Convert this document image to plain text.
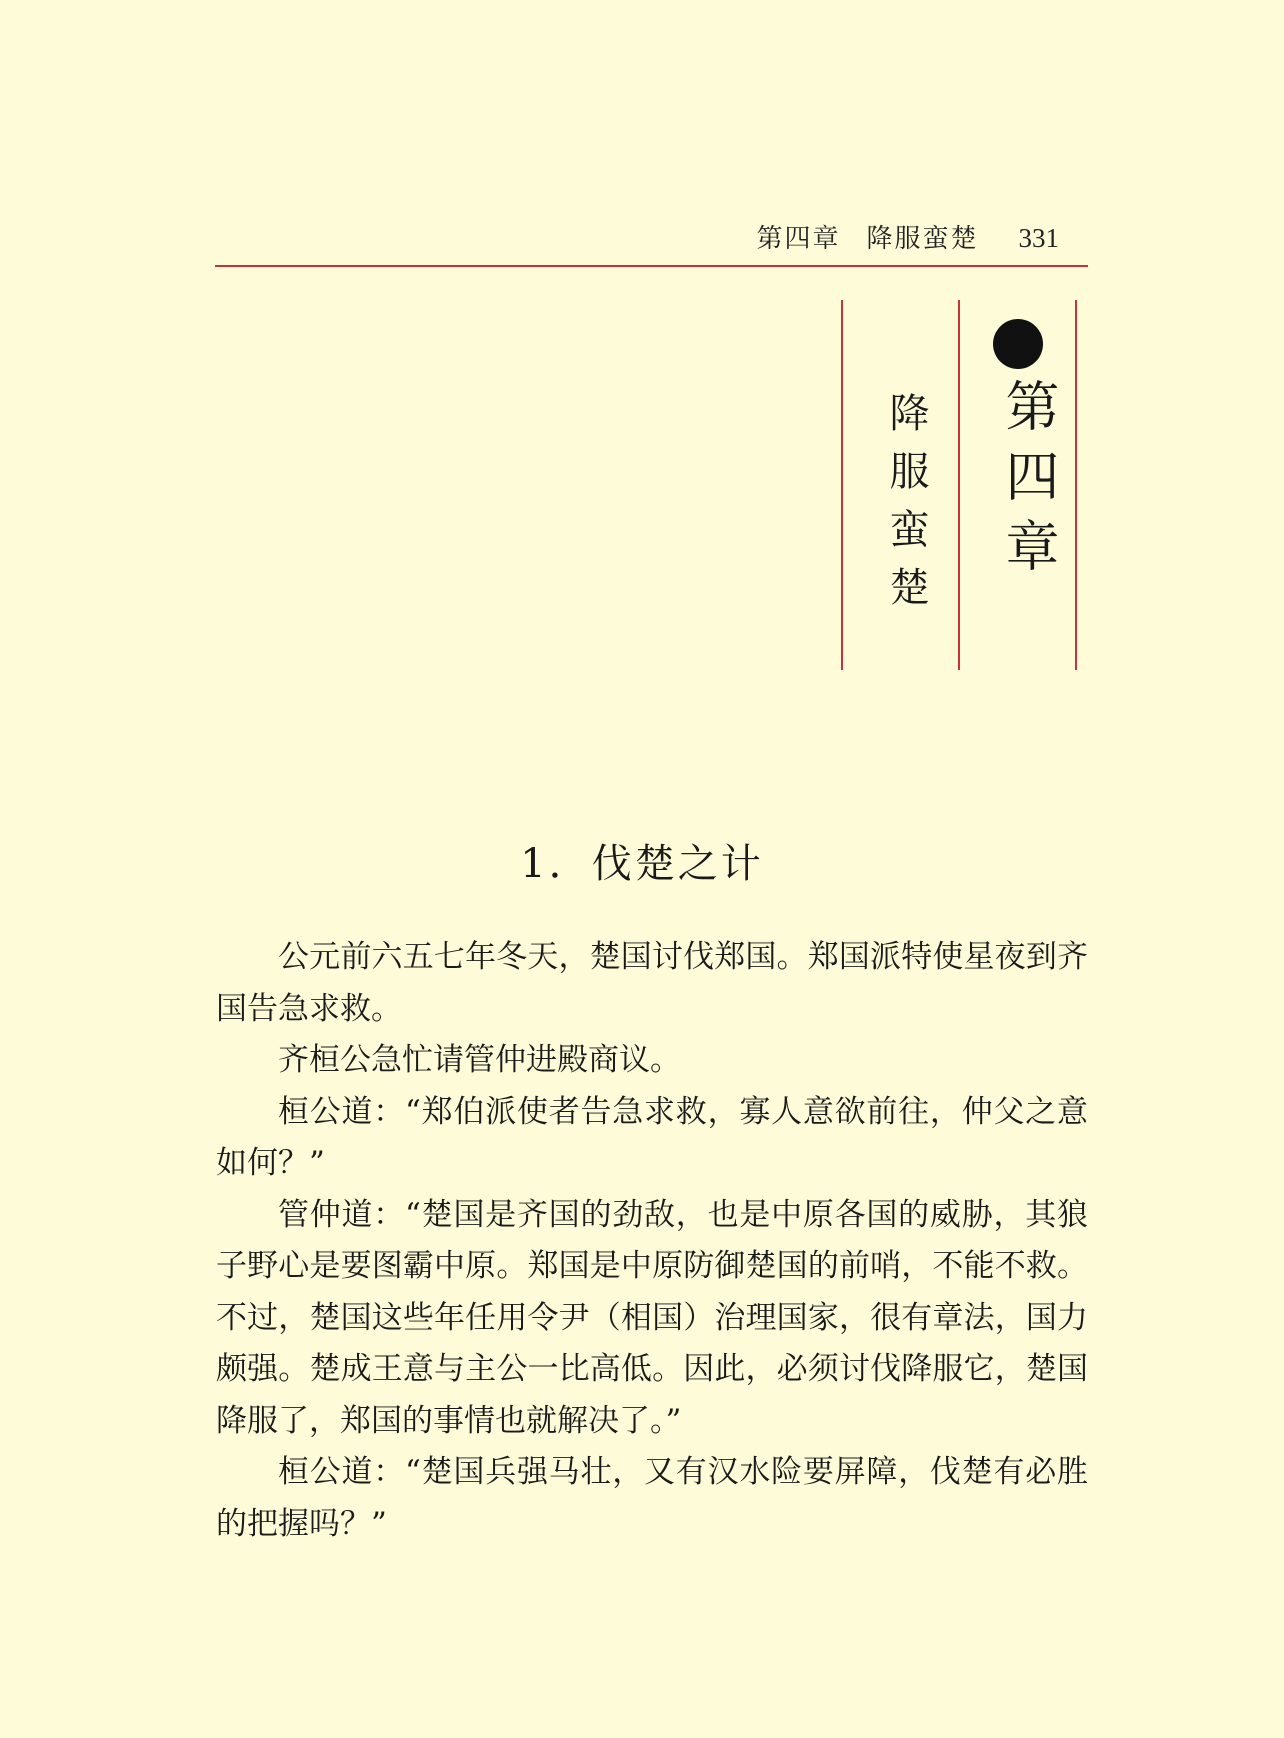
第四章 降服蛮楚 331
第四章
降服蛮楚
1．伐楚之计

公元前六五七年冬天，楚国讨伐郑国。郑国派特使星夜到齐国告急求救。

齐桓公急忙请管仲进殿商议。

桓公道：“郑伯派使者告急求救，寡人意欲前往，仲父之意如何？”

管仲道：“楚国是齐国的劲敌，也是中原各国的威胁，其狼子野心是要图霸中原。郑国是中原防御楚国的前哨，不能不救。不过，楚国这些年任用令尹（相国）治理国家，很有章法，国力颇强。楚成王意与主公一比高低。因此，必须讨伐降服它，楚国降服了，郑国的事情也就解决了。”

桓公道：“楚国兵强马壮，又有汉水险要屏障，伐楚有必胜的把握吗？”
